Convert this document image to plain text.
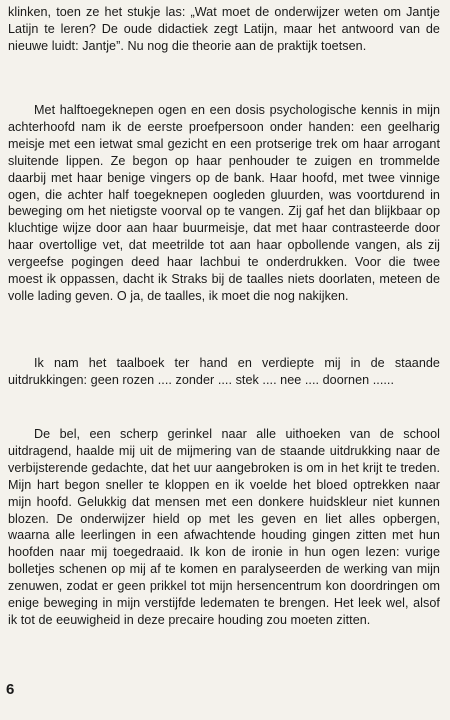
klinken, toen ze het stukje las: „Wat moet de onderwijzer weten om Jantje Latijn te leren? De oude didactiek zegt Latijn, maar het antwoord van de nieuwe luidt: Jantje”. Nu nog die theorie aan de praktijk toetsen.
Met halftoegeknepen ogen en een dosis psychologische kennis in mijn achterhoofd nam ik de eerste proefpersoon onder handen: een geelharig meisje met een ietwat smal gezicht en een protserige trek om haar arrogant sluitende lippen. Ze begon op haar penhouder te zuigen en trommelde daarbij met haar benige vingers op de bank. Haar hoofd, met twee vinnige ogen, die achter half toegeknepen oogleden gluurden, was voortdurend in beweging om het nietigste voorval op te vangen. Zij gaf het dan blijkbaar op kluchtige wijze door aan haar buurmeisje, dat met haar contrasteerde door haar overtollige vet, dat meetrilde tot aan haar opbollende vangen, als zij vergeefse pogingen deed haar lachbui te onderdrukken. Voor die twee moest ik oppassen, dacht ik Straks bij de taalles niets doorlaten, meteen de volle lading geven. O ja, de taalles, ik moet die nog nakijken.
Ik nam het taalboek ter hand en verdiepte mij in de staande uitdrukkingen: geen rozen .... zonder .... stek .... nee .... doornen ......
De bel, een scherp gerinkel naar alle uithoeken van de school uitdragend, haalde mij uit de mijmering van de staande uitdrukking naar de verbijsterende gedachte, dat het uur aangebroken is om in het krijt te treden. Mijn hart begon sneller te kloppen en ik voelde het bloed optrekken naar mijn hoofd. Gelukkig dat mensen met een donkere huidskleur niet kunnen blozen. De onderwijzer hield op met les geven en liet alles opbergen, waarna alle leerlingen in een afwachtende houding gingen zitten met hun hoofden naar mij toegedraaid. Ik kon de ironie in hun ogen lezen: vurige bolletjes schenen op mij af te komen en paralyseerden de werking van mijn zenuwen, zodat er geen prikkel tot mijn hersencentrum kon doordringen om enige beweging in mijn verstijfde ledematen te brengen. Het leek wel, alsof ik tot de eeuwigheid in deze precaire houding zou moeten zitten.
6
